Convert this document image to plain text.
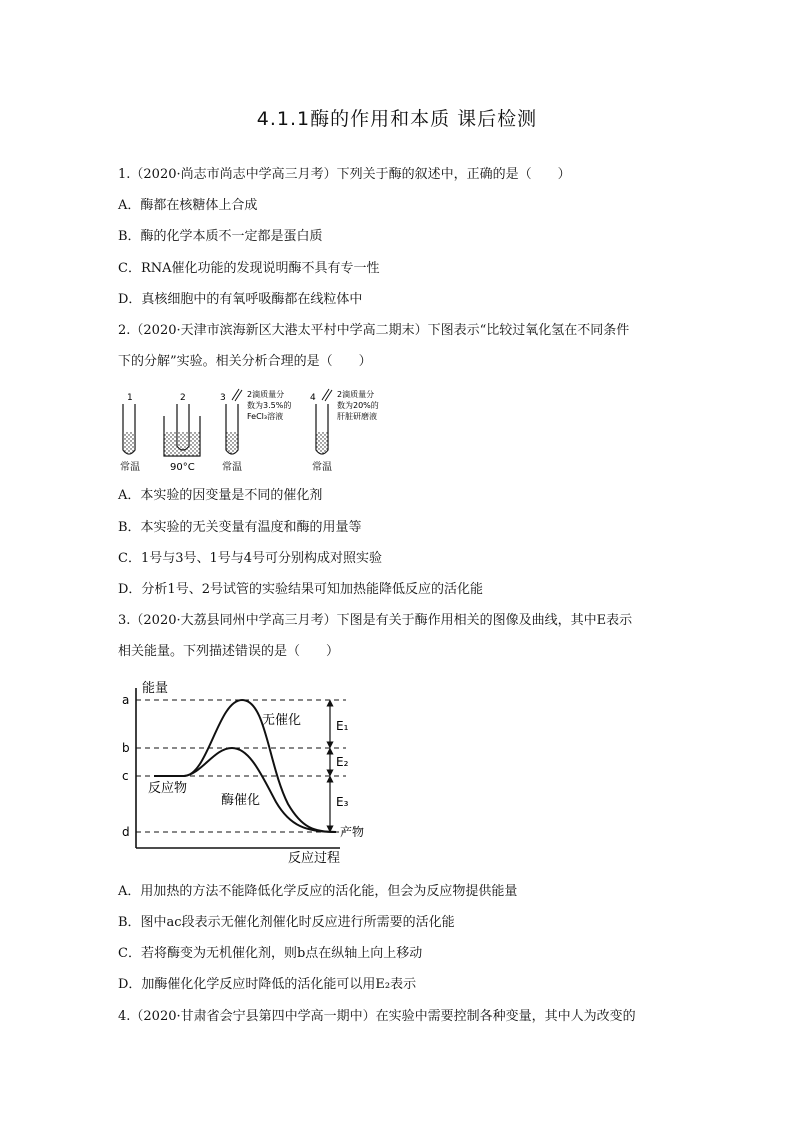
4.1.1酶的作用和本质 课后检测
1.（2020·尚志市尚志中学高三月考）下列关于酶的叙述中，正确的是（　　）
A．酶都在核糖体上合成
B．酶的化学本质不一定都是蛋白质
C．RNA催化功能的发现说明酶不具有专一性
D．真核细胞中的有氧呼吸酶都在线粒体中
2.（2020·天津市滨海新区大港太平村中学高二期末）下图表示“比较过氧化氢在不同条件
下的分解”实验。相关分析合理的是（　　）
1
常温
2
90°C
3	2滴质量分
数为3.5%的
FeCl₃溶液
常温
4	2滴质量分
数为20%的
肝脏研磨液
常温
A．本实验的因变量是不同的催化剂
B．本实验的无关变量有温度和酶的用量等
C．1号与3号、1号与4号可分别构成对照实验
D．分析1号、2号试管的实验结果可知加热能降低反应的活化能
3.（2020·大荔县同州中学高三月考）下图是有关于酶作用相关的图像及曲线，其中E表示
相关能量。下列描述错误的是（　　）
能量
反应过程
a
b
c
d
无催化
酶催化
反应物
产物
E₁
E₂
E₃
A．用加热的方法不能降低化学反应的活化能，但会为反应物提供能量
B．图中ac段表示无催化剂催化时反应进行所需要的活化能
C．若将酶变为无机催化剂，则b点在纵轴上向上移动
D．加酶催化化学反应时降低的活化能可以用E₂表示
4.（2020·甘肃省会宁县第四中学高一期中）在实验中需要控制各种变量，其中人为改变的
